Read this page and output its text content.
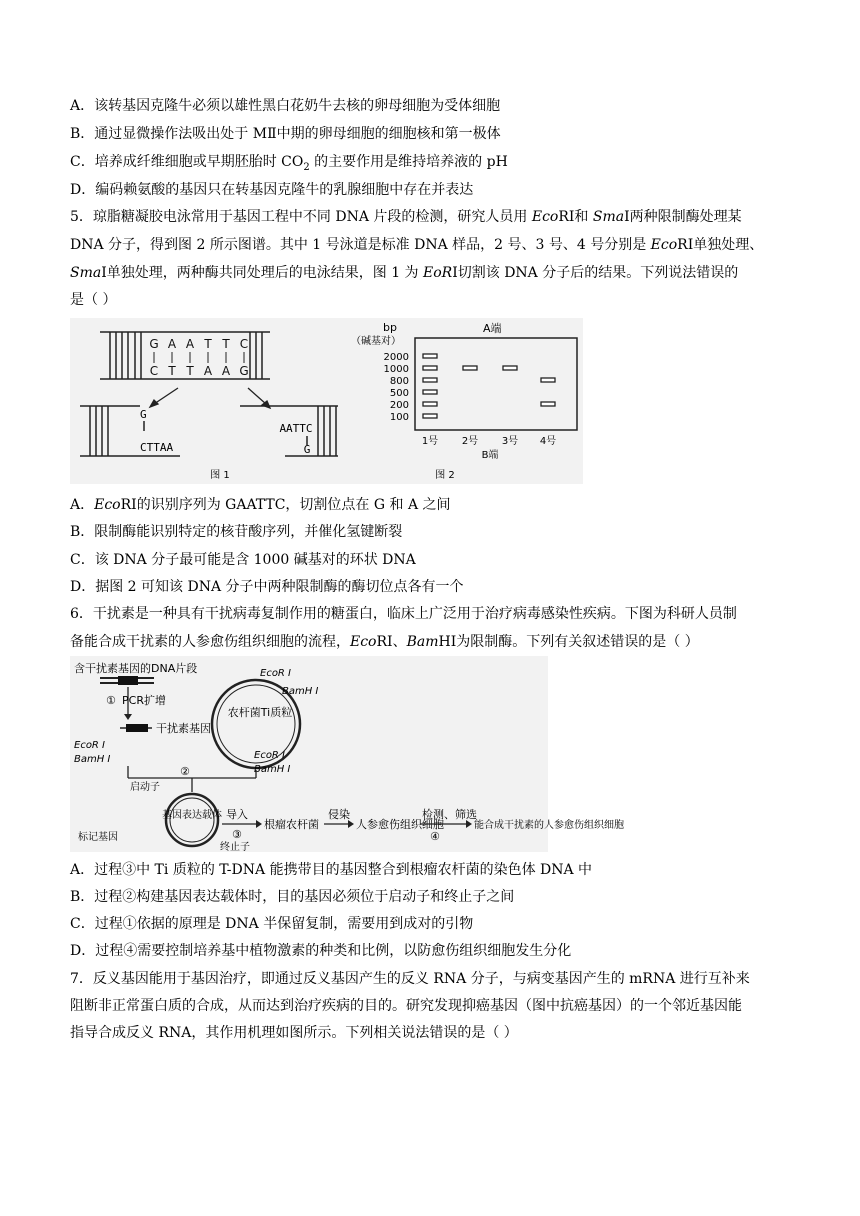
A．该转基因克隆牛必须以雄性黑白花奶牛去核的卵母细胞为受体细胞
B．通过显微操作法吸出处于 MⅡ中期的卵母细胞的细胞核和第一极体
C．培养成纤维细胞或早期胚胎时 $CO_2$ 的主要作用是维持培养液的 pH
D．编码赖氨酸的基因只在转基因克隆牛的乳腺细胞中存在并表达
5．琼脂糖凝胶电泳常用于基因工程中不同 DNA 片段的检测，研究人员用 EcoRⅠ和 SmaⅠ两种限制酶处理某
DNA 分子，得到图 2 所示图谱。其中 1 号泳道是标准 DNA 样品，2 号、3 号、4 号分别是 EcoRⅠ单独处理、
SmaⅠ单独处理，两种酶共同处理后的电泳结果，图 1 为 EoRⅠ切割该 DNA 分子后的结果。下列说法错误的
是（ ）
G A A T T C
C T T A A G
G
CTTAA
AATTC
G
图 1
bp
（碱基对）
A端
2000
1000
800
500
200
100
1号 2号 3号 4号
B端
图 2
A．EcoRⅠ的识别序列为 GAATTC，切割位点在 G 和 A 之间
B．限制酶能识别特定的核苷酸序列，并催化氢键断裂
C．该 DNA 分子最可能是含 1000 碱基对的环状 DNA
D．据图 2 可知该 DNA 分子中两种限制酶的酶切位点各有一个
6．干扰素是一种具有干扰病毒复制作用的糖蛋白，临床上广泛用于治疗病毒感染性疾病。下图为科研人员制
备能合成干扰素的人参愈伤组织细胞的流程，EcoRⅠ、BamHⅠ为限制酶。下列有关叙述错误的是（ ）
含干扰素基因的DNA片段
① PCR扩增
干扰素基因
EcoR Ⅰ
BamH Ⅰ
农杆菌Ti质粒
EcoR Ⅰ
BamH Ⅰ
EcoR Ⅰ
BamH Ⅰ
②
基因表达载体
启动子
标记基因
终止子
导入
③
根瘤农杆菌
侵染
人参愈伤组织细胞
检测、筛选
④
能合成干扰素的人参愈伤组织细胞
A．过程③中 Ti 质粒的 T-DNA 能携带目的基因整合到根瘤农杆菌的染色体 DNA 中
B．过程②构建基因表达载体时，目的基因必须位于启动子和终止子之间
C．过程①依据的原理是 DNA 半保留复制，需要用到成对的引物
D．过程④需要控制培养基中植物激素的种类和比例，以防愈伤组织细胞发生分化
7．反义基因能用于基因治疗，即通过反义基因产生的反义 RNA 分子，与病变基因产生的 mRNA 进行互补来
阻断非正常蛋白质的合成，从而达到治疗疾病的目的。研究发现抑癌基因（图中抗癌基因）的一个邻近基因能
指导合成反义 RNA，其作用机理如图所示。下列相关说法错误的是（ ）
